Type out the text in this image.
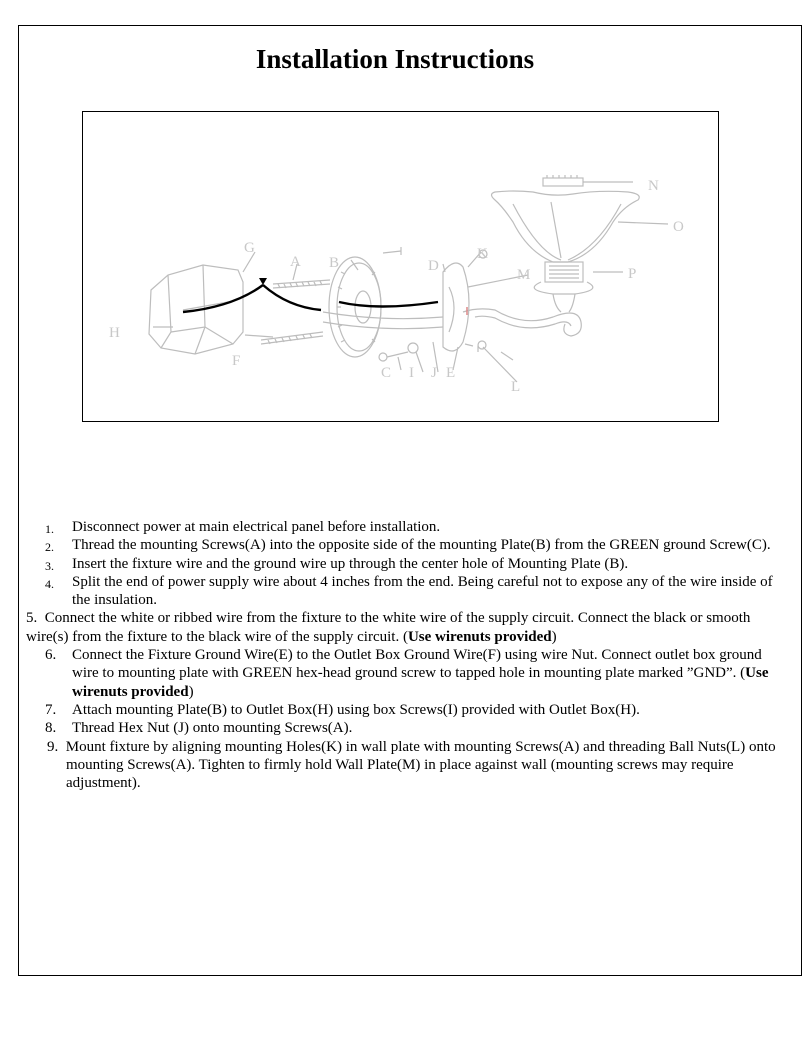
Installation Instructions
G
A B	D
K
M
N
O
P
H
F
C I J E
L
1.	Disconnect power at main electrical panel before installation.
2.	Thread the mounting Screws(A) into the opposite side of the mounting Plate(B) from the GREEN ground Screw(C).
3.	Insert the fixture wire and the ground wire up through the center hole of Mounting Plate (B).
4.	Split the end of power supply wire about 4 inches from the end. Being careful not to expose any of the wire inside of the insulation.
5. Connect the white or ribbed wire from the fixture to the white wire of the supply circuit. Connect the black or smooth wire(s) from the fixture to the black wire of the supply circuit. (Use wirenuts provided)
6.	Connect the Fixture Ground Wire(E) to the Outlet Box Ground Wire(F) using wire Nut. Connect outlet box ground wire to mounting plate with GREEN hex-head ground screw to tapped hole in mounting plate marked ”GND”. (Use wirenuts provided)
7.	Attach mounting Plate(B) to Outlet Box(H) using box Screws(I) provided with Outlet Box(H).
8.	Thread Hex Nut (J) onto mounting Screws(A).
9. Mount fixture by aligning mounting Holes(K) in wall plate with mounting Screws(A) and threading Ball Nuts(L) onto mounting Screws(A). Tighten to firmly hold Wall Plate(M) in place against wall (mounting screws may require adjustment).
